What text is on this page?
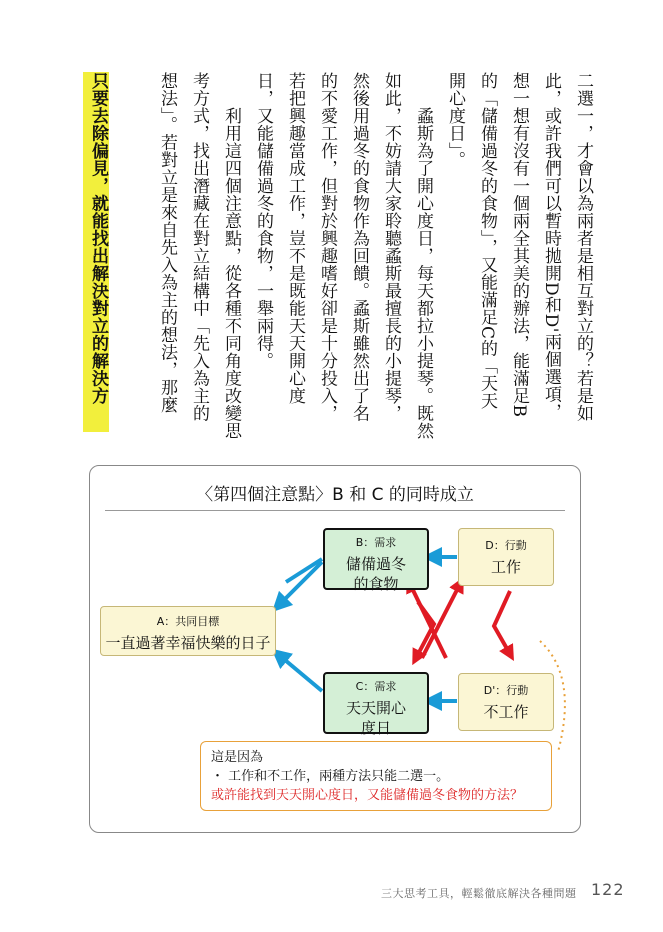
二選一，才會以為兩者是相互對立的？若是如
此，或許我們可以暫時拋開D和D'兩個選項，
想一想有沒有一個兩全其美的辦法，能滿足B
的「儲備過冬的食物」，又能滿足C的「天天
開心度日」。
　　蟊斯為了開心度日，每天都拉小提琴。既然
如此，不妨請大家聆聽蟊斯最擅長的小提琴，
然後用過冬的食物作為回饋。蟊斯雖然出了名
的不愛工作，但對於興趣嗜好卻是十分投入，
若把興趣當成工作，豈不是既能天天開心度
日，又能儲備過冬的食物，一舉兩得。
　　利用這四個注意點，從各種不同角度改變思
考方式，找出潛藏在對立結構中「先入為主的
想法」。若對立是來自先入為主的想法，那麼
只要去除偏見，就能找出解決對立的解決方
〈第四個注意點〉B 和 C 的同時成立
A：共同目標
一直過著幸福快樂的日子
B：需求
儲備過冬
的食物
C：需求
天天開心
度日
D：行動
工作
D'：行動
不工作
這是因為
・ 工作和不工作，兩種方法只能二選一。
或許能找到天天開心度日，又能儲備過冬食物的方法？
三大思考工具，輕鬆徹底解決各種問題 122
